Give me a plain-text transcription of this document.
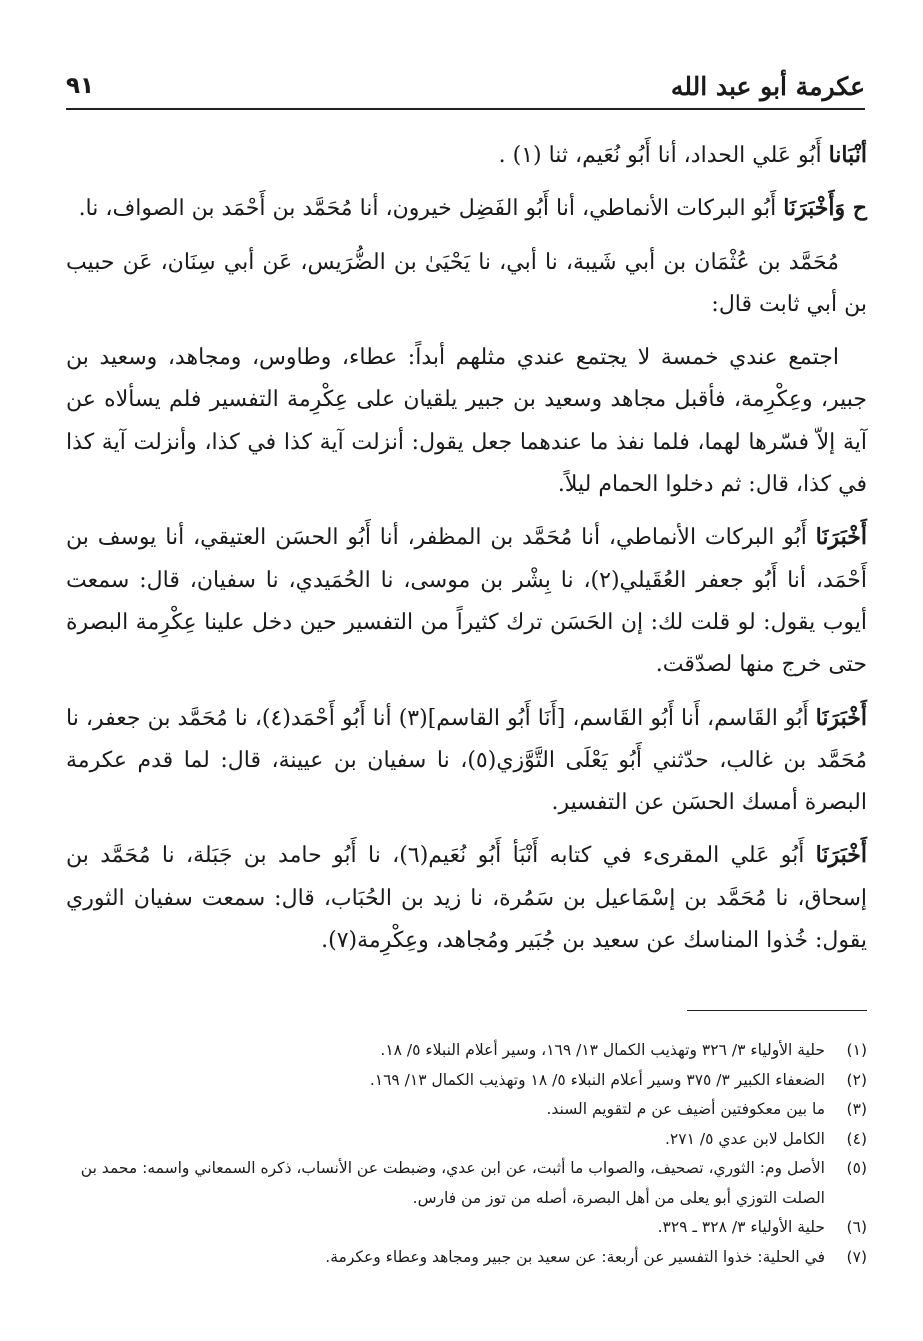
عكرمة أبو عبد الله
٩١

أنْبَانا أَبُو عَلي الحداد، أنا أَبُو نُعَيم، ثنا (١) .

ح وَأَخْبَرَنَا أَبُو البركات الأنماطي، أنا أَبُو الفَضِل خيرون، أنا مُحَمَّد بن أَحْمَد بن الصواف، نا.

مُحَمَّد بن عُثْمَان بن أبي شَيبة، نا أبي، نا يَحْيَىٰ بن الضُّرَيس، عَن أبي سِنَان، عَن حبيب بن أبي ثابت قال:

اجتمع عندي خمسة لا يجتمع عندي مثلهم أبداً: عطاء، وطاوس، ومجاهد، وسعيد بن جبير، وعِكْرِمة، فأقبل مجاهد وسعيد بن جبير يلقيان على عِكْرِمة التفسير فلم يسألاه عن آية إلاّ فسّرها لهما، فلما نفذ ما عندهما جعل يقول: أنزلت آية كذا في كذا، وأنزلت آية كذا في كذا، قال: ثم دخلوا الحمام ليلاً.

أَخْبَرَنَا أَبُو البركات الأنماطي، أنا مُحَمَّد بن المظفر، أنا أَبُو الحسَن العتيقي، أنا يوسف بن أَحْمَد، أنا أَبُو جعفر العُقَيلي(٢)، نا بِشْر بن موسى، نا الحُمَيدي، نا سفيان، قال: سمعت أيوب يقول: لو قلت لك: إن الحَسَن ترك كثيراً من التفسير حين دخل علينا عِكْرِمة البصرة حتى خرج منها لصدّقت.

أَخْبَرَنَا أَبُو القَاسم، أَنا أَبُو القَاسم، [أَنَا أَبُو القاسم](٣) أنا أَبُو أَحْمَد(٤)، نا مُحَمَّد بن جعفر، نا مُحَمَّد بن غالب، حدّثني أَبُو يَعْلَى التَّوَّزي(٥)، نا سفيان بن عيينة، قال: لما قدم عكرمة البصرة أمسك الحسَن عن التفسير.

أَخْبَرَنَا أَبُو عَلي المقرىء في كتابه أَنْبَأ أَبُو نُعَيم(٦)، نا أَبُو حامد بن جَبَلة، نا مُحَمَّد بن إسحاق، نا مُحَمَّد بن إسْمَاعيل بن سَمُرة، نا زيد بن الحُبَاب، قال: سمعت سفيان الثوري يقول: خُذوا المناسك عن سعيد بن جُبَير ومُجاهد، وعِكْرِمة(٧).

(١)
حلية الأولياء ٣/ ٣٢٦ وتهذيب الكمال ١٣/ ١٦٩، وسير أعلام النبلاء ٥/ ١٨.
(٢)
الضعفاء الكبير ٣/ ٣٧٥ وسير أعلام النبلاء ٥/ ١٨ وتهذيب الكمال ١٣/ ١٦٩.
(٣)
ما بين معكوفتين أضيف عن م لتقويم السند.
(٤)
الكامل لابن عدي ٥/ ٢٧١.
(٥)
الأصل وم: الثوري، تصحيف، والصواب ما أثبت، عن ابن عدي، وضبطت عن الأنساب، ذكره السمعاني واسمه: محمد بن الصلت التوزي أبو يعلى من أهل البصرة، أصله من توز من فارس.
(٦)
حلية الأولياء ٣/ ٣٢٨ ـ ٣٢٩.
(٧)
في الحلية: خذوا التفسير عن أربعة: عن سعيد بن جبير ومجاهد وعطاء وعكرمة.
